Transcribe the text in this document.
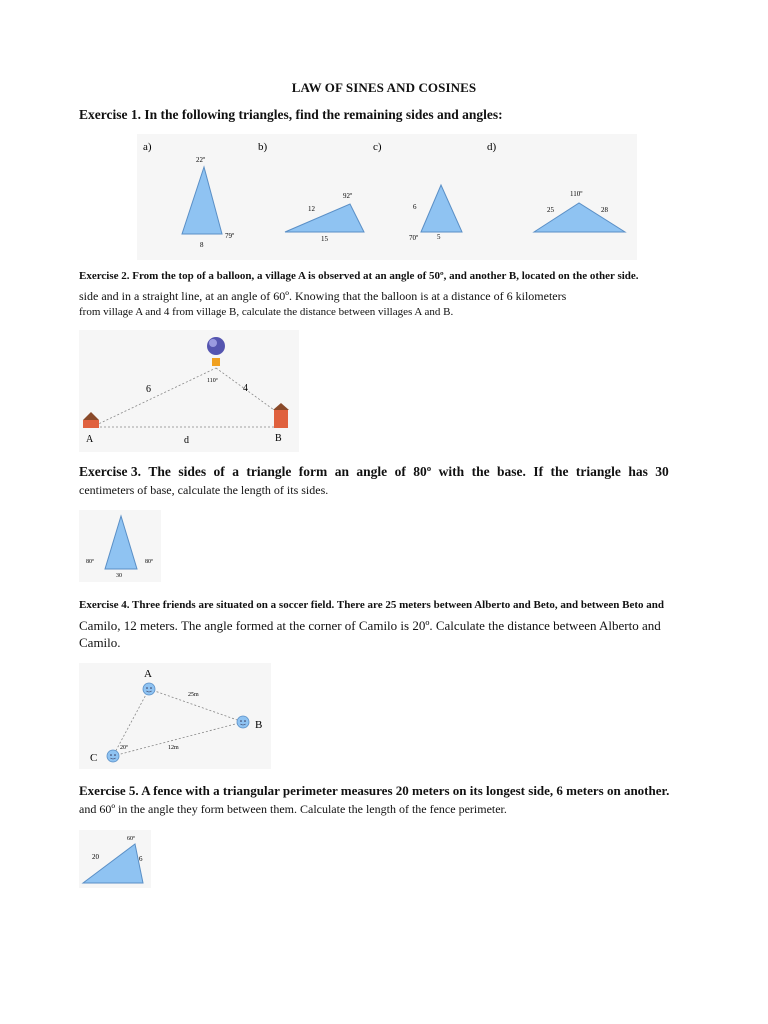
LAW OF SINES AND COSINES
Exercise 1. In the following triangles, find the remaining sides and angles:
a)	b)	c)	d)
22º
79º
8
92º
12
15
6
70º	5
110º
25	28
Exercise 2. From the top of a balloon, a village A is observed at an angle of 50º, and another B, located on the other side.
side and in a straight line, at an angle of 60º. Knowing that the balloon is at a distance of 6 kilometers
from village A and 4 from village B, calculate the distance between villages A and B.
110º
6	4
A	B
d
Exercise 3. The sides of a triangle form an angle of 80º with the base. If the triangle has 30
centimeters of base, calculate the length of its sides.
80º	80º
30
Exercise 4. Three friends are situated on a soccer field. There are 25 meters between Alberto and Beto, and between Beto and
Camilo, 12 meters. The angle formed at the corner of Camilo is 20º. Calculate the distance between Alberto and
Camilo.
A
B
C
25m
12m
20º
Exercise 5. A fence with a triangular perimeter measures 20 meters on its longest side, 6 meters on another.
and 60º in the angle they form between them. Calculate the length of the fence perimeter.
60º
20	6
